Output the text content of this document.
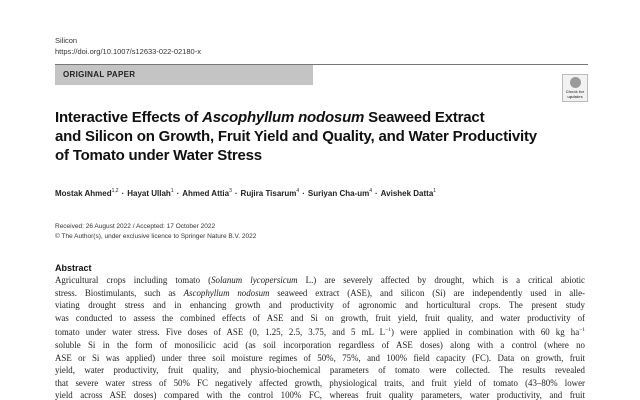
Silicon
https://doi.org/10.1007/s12633-022-02180-x
ORIGINAL PAPER
Check for
updates
Interactive Effects of Ascophyllum nodosum Seaweed Extract
and Silicon on Growth, Fruit Yield and Quality, and Water Productivity
of Tomato under Water Stress
Mostak Ahmed$^{1,2}$ · Hayat Ullah$^1$ · Ahmed Attia$^3$ · Rujira Tisarum$^4$ · Suriyan Cha-$um^4$ · Avishek Datta$^1$
Received: 26 August 2022 / Accepted: 17 October 2022
© The Author(s), under exclusive licence to Springer Nature B.V. 2022
Abstract
Agricultural crops including tomato (Solanum lycopersicum L.) are severely affected by drought, which is a critical abiotic
stress. Biostimulants, such as Ascophyllum nodosum seaweed extract (ASE), and silicon (Si) are independently used in alle-
viating drought stress and in enhancing growth and productivity of agronomic and horticultural crops. The present study
was conducted to assess the combined effects of ASE and Si on growth, fruit yield, fruit quality, and water productivity of
tomato under water stress. Five doses of ASE (0, 1.25, 2.5, 3.75, and 5 mL $L^{-1}$) were applied in combination with 60 kg $ha^{-1}$
soluble Si in the form of monosilicic acid (as soil incorporation regardless of ASE doses) along with a control (where no
ASE or Si was applied) under three soil moisture regimes of 50%, 75%, and 100% field capacity (FC). Data on growth, fruit
yield, water productivity, fruit quality, and physio-biochemical parameters of tomato were collected. The results revealed
that severe water stress of 50% FC negatively affected growth, physiological traits, and fruit yield of tomato (43–80% lower
yield across ASE doses) compared with the control 100% FC, whereas fruit quality parameters, water productivity, and fruit
